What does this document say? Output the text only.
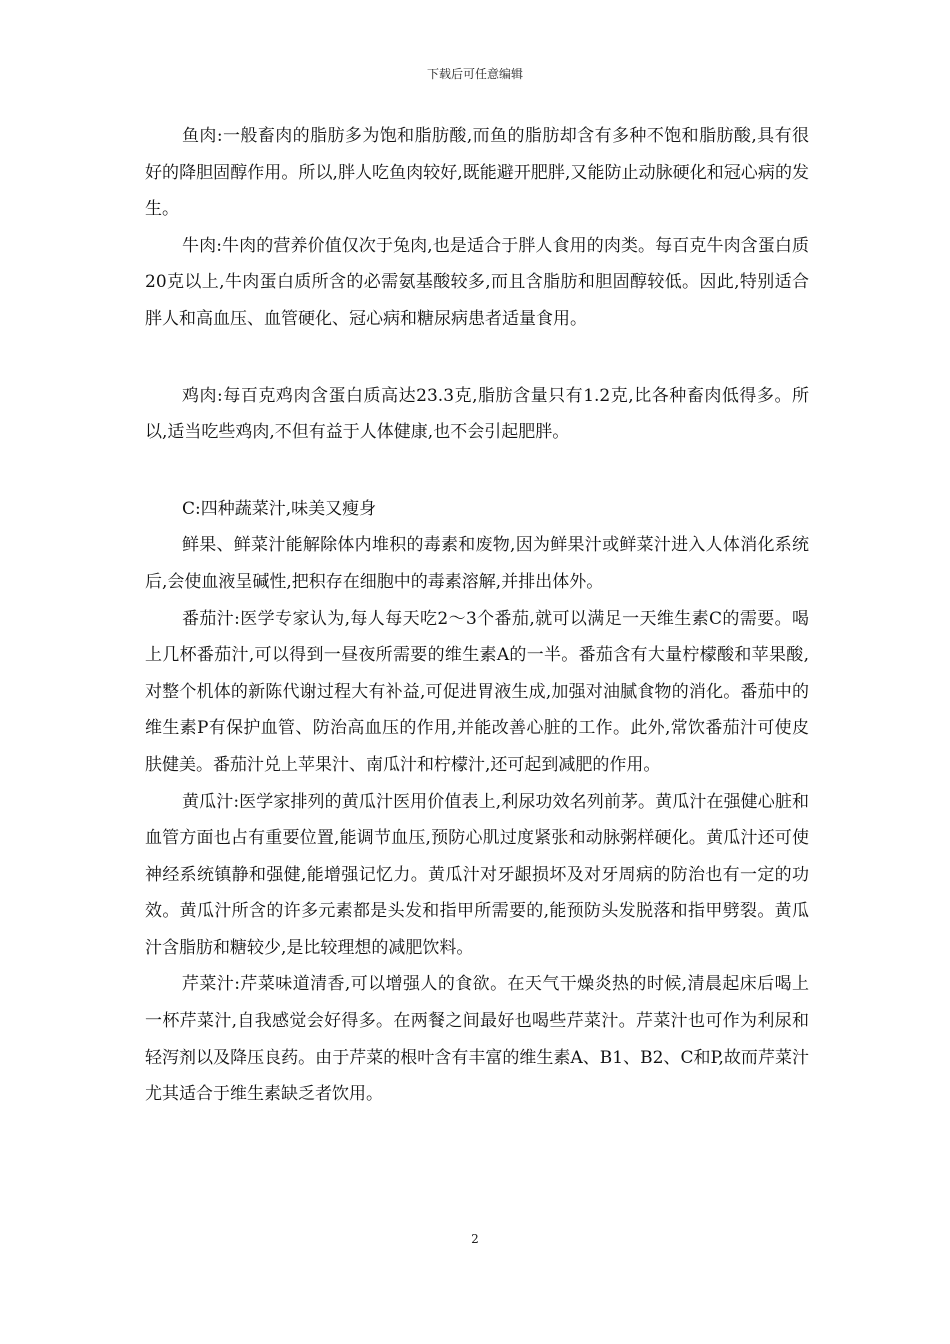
下载后可任意编辑

鱼肉:一般畜肉的脂肪多为饱和脂肪酸,而鱼的脂肪却含有多种不饱和脂肪酸,具有很好的降胆固醇作用。所以,胖人吃鱼肉较好,既能避开肥胖,又能防止动脉硬化和冠心病的发生。

牛肉:牛肉的营养价值仅次于兔肉,也是适合于胖人食用的肉类。每百克牛肉含蛋白质20克以上,牛肉蛋白质所含的必需氨基酸较多,而且含脂肪和胆固醇较低。因此,特别适合胖人和高血压、血管硬化、冠心病和糖尿病患者适量食用。

鸡肉:每百克鸡肉含蛋白质高达23.3克,脂肪含量只有1.2克,比各种畜肉低得多。所以,适当吃些鸡肉,不但有益于人体健康,也不会引起肥胖。

C:四种蔬菜汁,味美又瘦身

鲜果、鲜菜汁能解除体内堆积的毒素和废物,因为鲜果汁或鲜菜汁进入人体消化系统后,会使血液呈碱性,把积存在细胞中的毒素溶解,并排出体外。

番茄汁:医学专家认为,每人每天吃2～3个番茄,就可以满足一天维生素C的需要。喝上几杯番茄汁,可以得到一昼夜所需要的维生素A的一半。番茄含有大量柠檬酸和苹果酸,对整个机体的新陈代谢过程大有补益,可促进胃液生成,加强对油腻食物的消化。番茄中的维生素P有保护血管、防治高血压的作用,并能改善心脏的工作。此外,常饮番茄汁可使皮肤健美。番茄汁兑上苹果汁、南瓜汁和柠檬汁,还可起到减肥的作用。

黄瓜汁:医学家排列的黄瓜汁医用价值表上,利尿功效名列前茅。黄瓜汁在强健心脏和血管方面也占有重要位置,能调节血压,预防心肌过度紧张和动脉粥样硬化。黄瓜汁还可使神经系统镇静和强健,能增强记忆力。黄瓜汁对牙龈损坏及对牙周病的防治也有一定的功效。黄瓜汁所含的许多元素都是头发和指甲所需要的,能预防头发脱落和指甲劈裂。黄瓜汁含脂肪和糖较少,是比较理想的减肥饮料。

芹菜汁:芹菜味道清香,可以增强人的食欲。在天气干燥炎热的时候,清晨起床后喝上一杯芹菜汁,自我感觉会好得多。在两餐之间最好也喝些芹菜汁。芹菜汁也可作为利尿和轻泻剂以及降压良药。由于芹菜的根叶含有丰富的维生素A、B1、B2、C和P,故而芹菜汁尤其适合于维生素缺乏者饮用。

2
